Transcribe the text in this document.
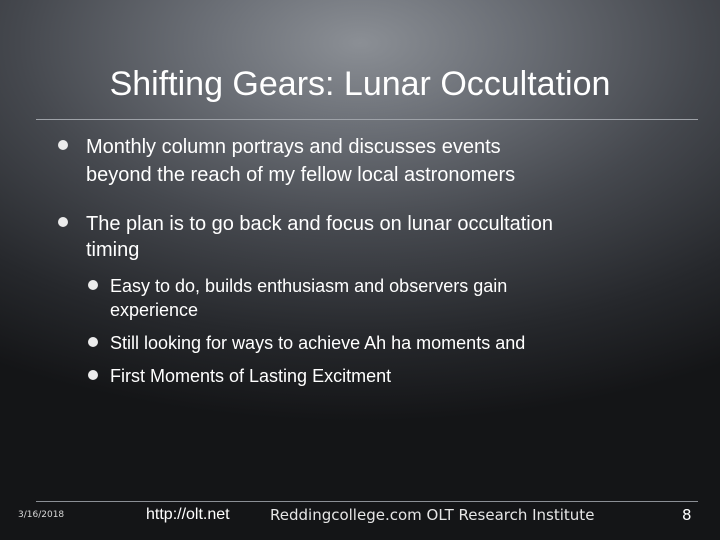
Shifting Gears: Lunar Occultation
Monthly column portrays and discusses events
beyond the reach of my fellow local astronomers
The plan is to go back and focus on lunar occultation
timing
Easy to do, builds enthusiasm and observers gain
experience
Still looking for ways to achieve Ah ha moments and
First Moments of Lasting Excitment
3/16/2018	http://olt.net	Reddingcollege.com OLT Research Institute	8
